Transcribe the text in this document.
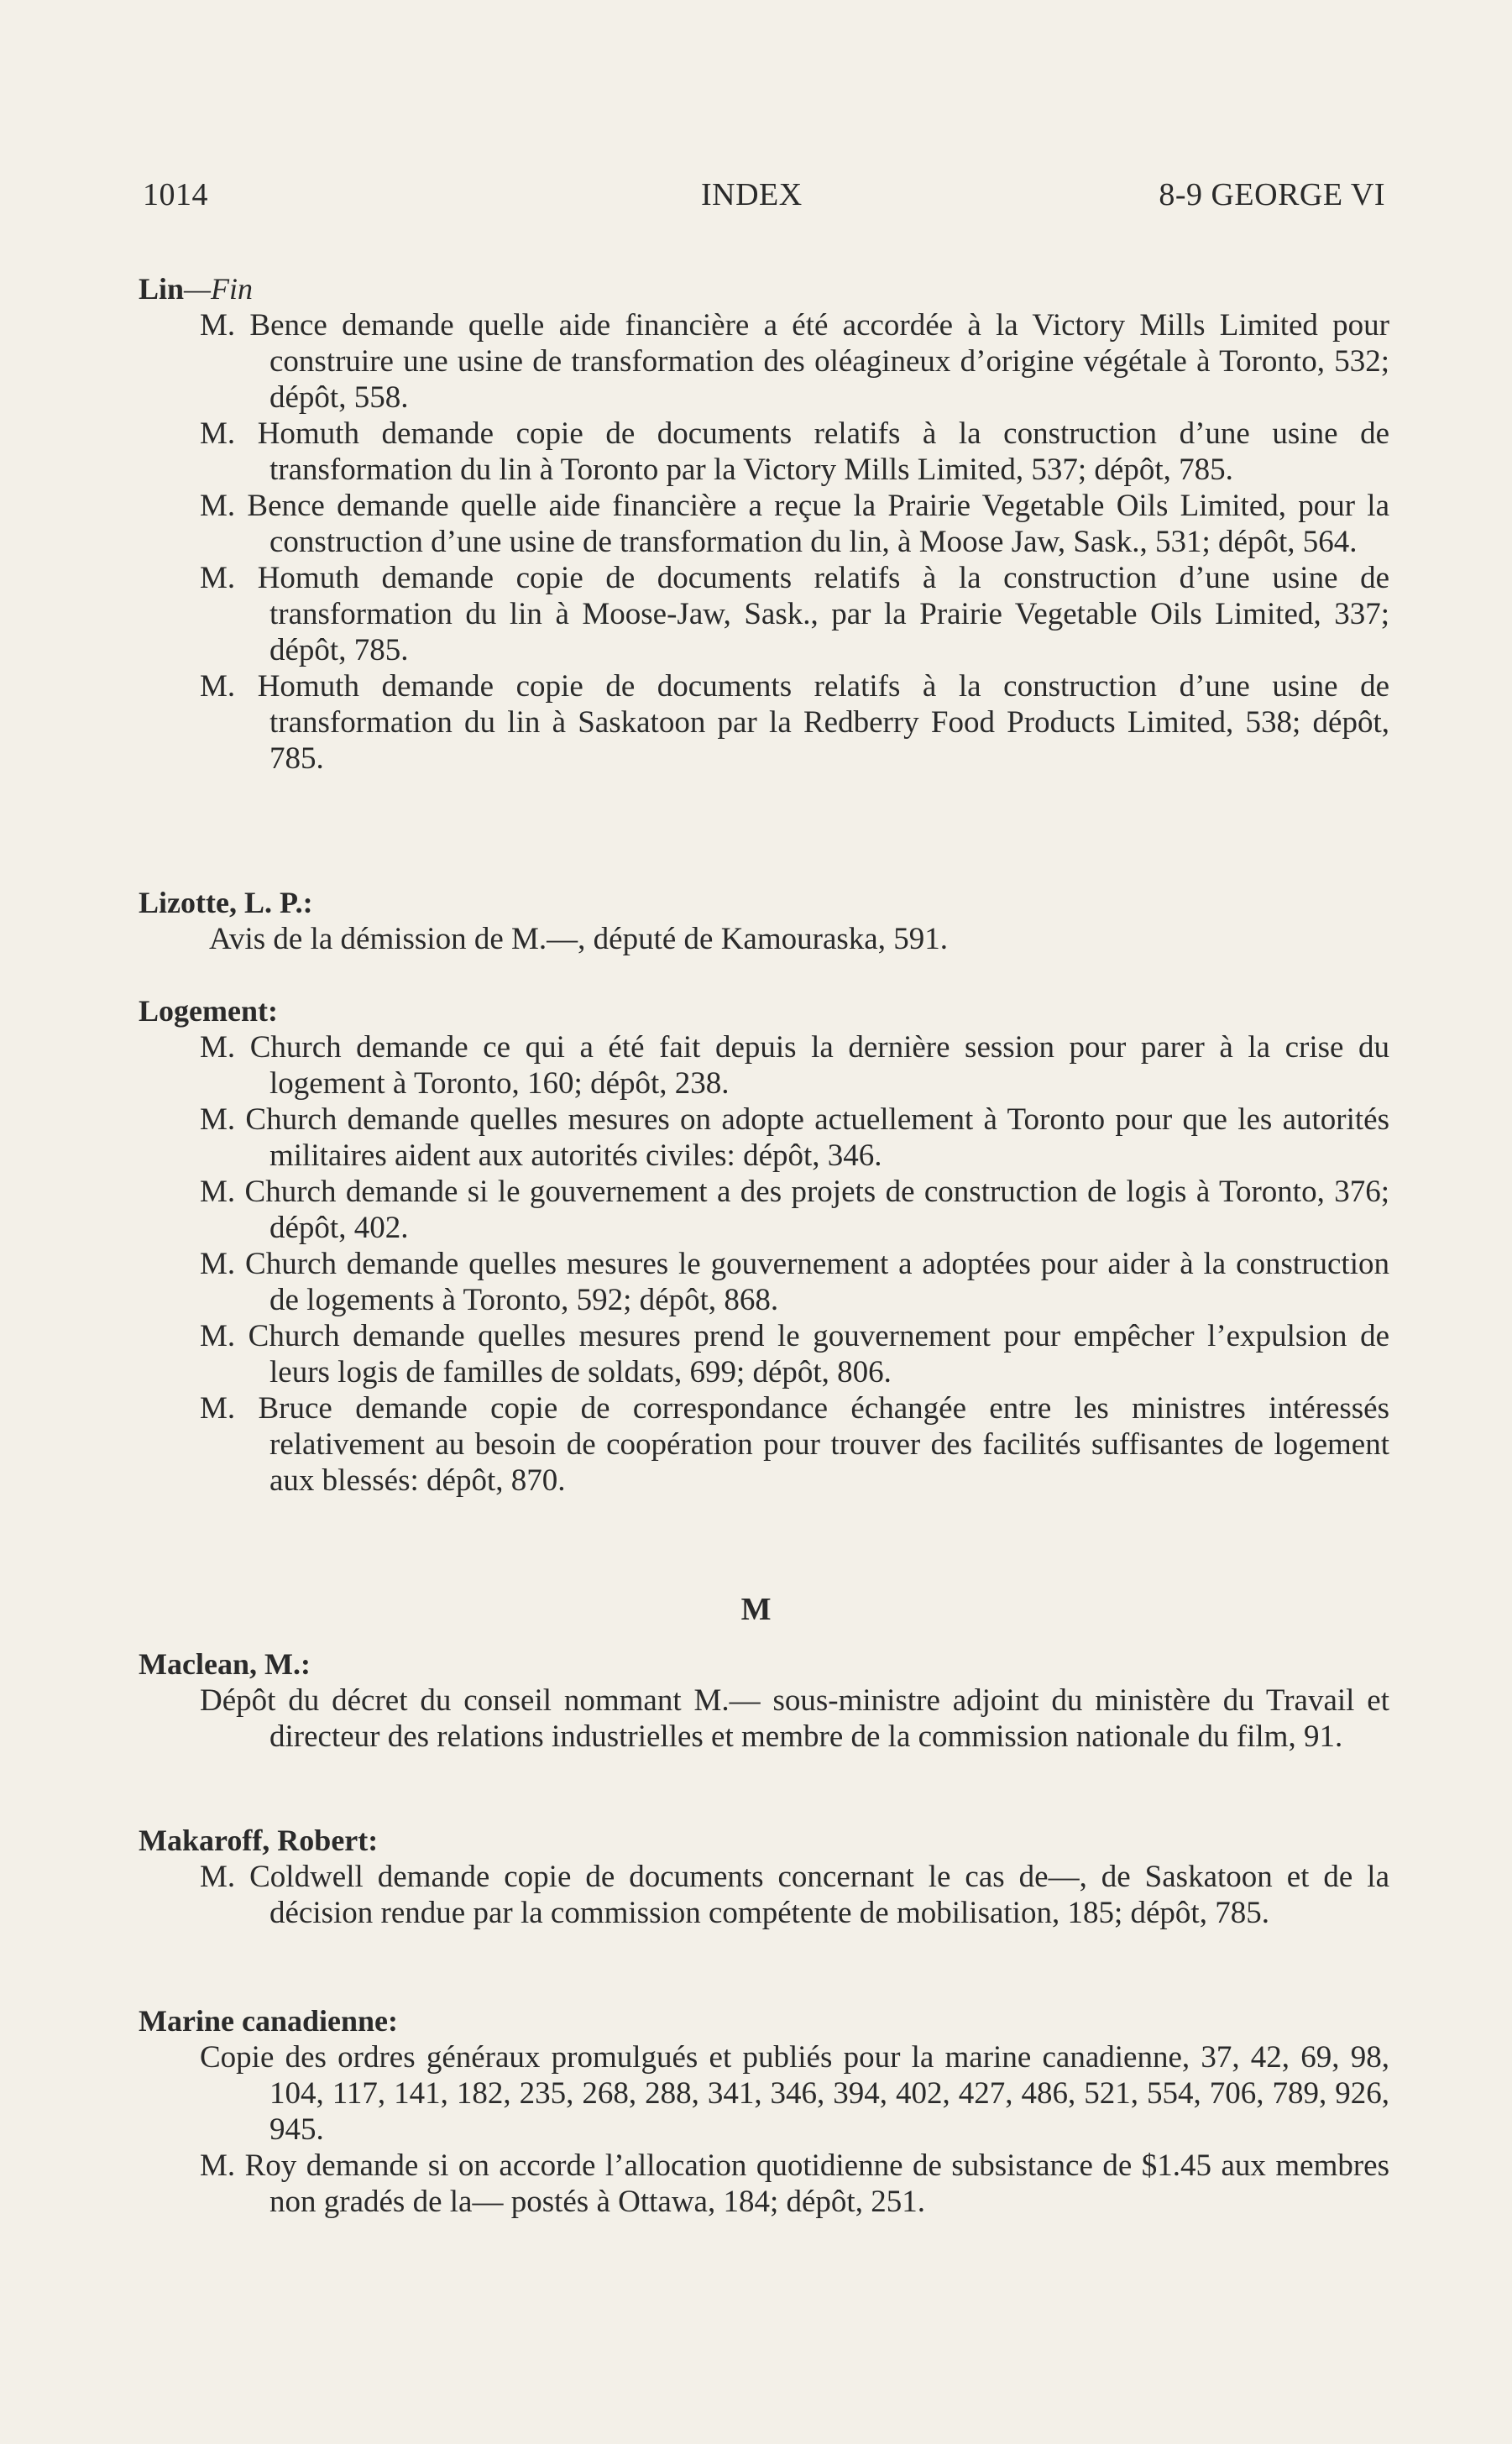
1014	INDEX	8-9 GEORGE VI
Lin—Fin

M. Bence demande quelle aide financière a été accordée à la Victory Mills Limited pour construire une usine de transformation des oléagineux d’origine végétale à Toronto, 532; dépôt, 558.

M. Homuth demande copie de documents relatifs à la construction d’une usine de transformation du lin à Toronto par la Victory Mills Limited, 537; dépôt, 785.

M. Bence demande quelle aide financière a reçue la Prairie Vegetable Oils Limited, pour la construction d’une usine de transformation du lin, à Moose Jaw, Sask., 531; dépôt, 564.

M. Homuth demande copie de documents relatifs à la construction d’une usine de transformation du lin à Moose-Jaw, Sask., par la Prairie Vegetable Oils Limited, 337; dépôt, 785.

M. Homuth demande copie de documents relatifs à la construction d’une usine de transformation du lin à Saskatoon par la Redberry Food Products Limited, 538; dépôt, 785.

Lizotte, L. P.:

Avis de la démission de M.—, député de Kamouraska, 591.

Logement:

M. Church demande ce qui a été fait depuis la dernière session pour parer à la crise du logement à Toronto, 160; dépôt, 238.

M. Church demande quelles mesures on adopte actuellement à Toronto pour que les autorités militaires aident aux autorités civiles: dépôt, 346.

M. Church demande si le gouvernement a des projets de construction de logis à Toronto, 376; dépôt, 402.

M. Church demande quelles mesures le gouvernement a adoptées pour aider à la construction de logements à Toronto, 592; dépôt, 868.

M. Church demande quelles mesures prend le gouvernement pour empêcher l’expulsion de leurs logis de familles de soldats, 699; dépôt, 806.

M. Bruce demande copie de correspondance échangée entre les ministres intéressés relativement au besoin de coopération pour trouver des facilités suffisantes de logement aux blessés: dépôt, 870.

M
Maclean, M.:

Dépôt du décret du conseil nommant M.— sous-ministre adjoint du ministère du Travail et directeur des relations industrielles et membre de la commission nationale du film, 91.

Makaroff, Robert:

M. Coldwell demande copie de documents concernant le cas de—, de Saskatoon et de la décision rendue par la commission compétente de mobilisation, 185; dépôt, 785.

Marine canadienne:

Copie des ordres généraux promulgués et publiés pour la marine canadienne, 37, 42, 69, 98, 104, 117, 141, 182, 235, 268, 288, 341, 346, 394, 402, 427, 486, 521, 554, 706, 789, 926, 945.

M. Roy demande si on accorde l’allocation quotidienne de subsistance de $1.45 aux membres non gradés de la— postés à Ottawa, 184; dépôt, 251.
